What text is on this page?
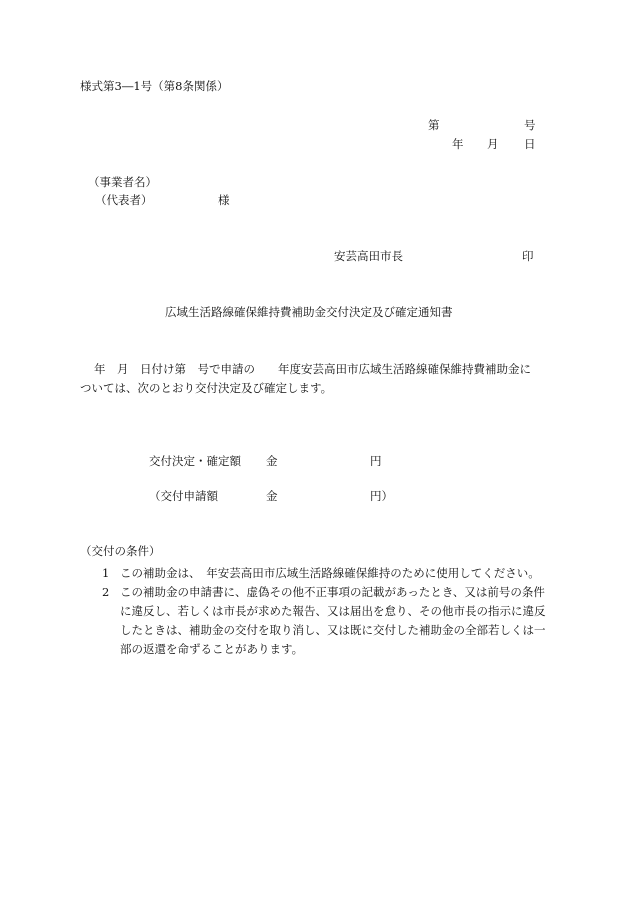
様式第3―1号（第8条関係）
第	号
年 月 日
（事業者名）
（代表者）	様
安芸高田市長	印
広域生活路線確保維持費補助金交付決定及び確定通知書
年　月　日付け第　号で申請の　　年度安芸高田市広域生活路線確保維持費補助金に
ついては、次のとおり交付決定及び確定します。
交付決定・確定額 金	円
（交付申請額	金	円）
（交付の条件）
1 この補助金は、　年安芸高田市広域生活路線確保維持のために使用してください。
2 この補助金の申請書に、虚偽その他不正事項の記載があったとき、又は前号の条件に違反し、若しくは市長が求めた報告、又は届出を怠り、その他市長の指示に違反したときは、補助金の交付を取り消し、又は既に交付した補助金の全部若しくは一部の返還を命ずることがあります。
